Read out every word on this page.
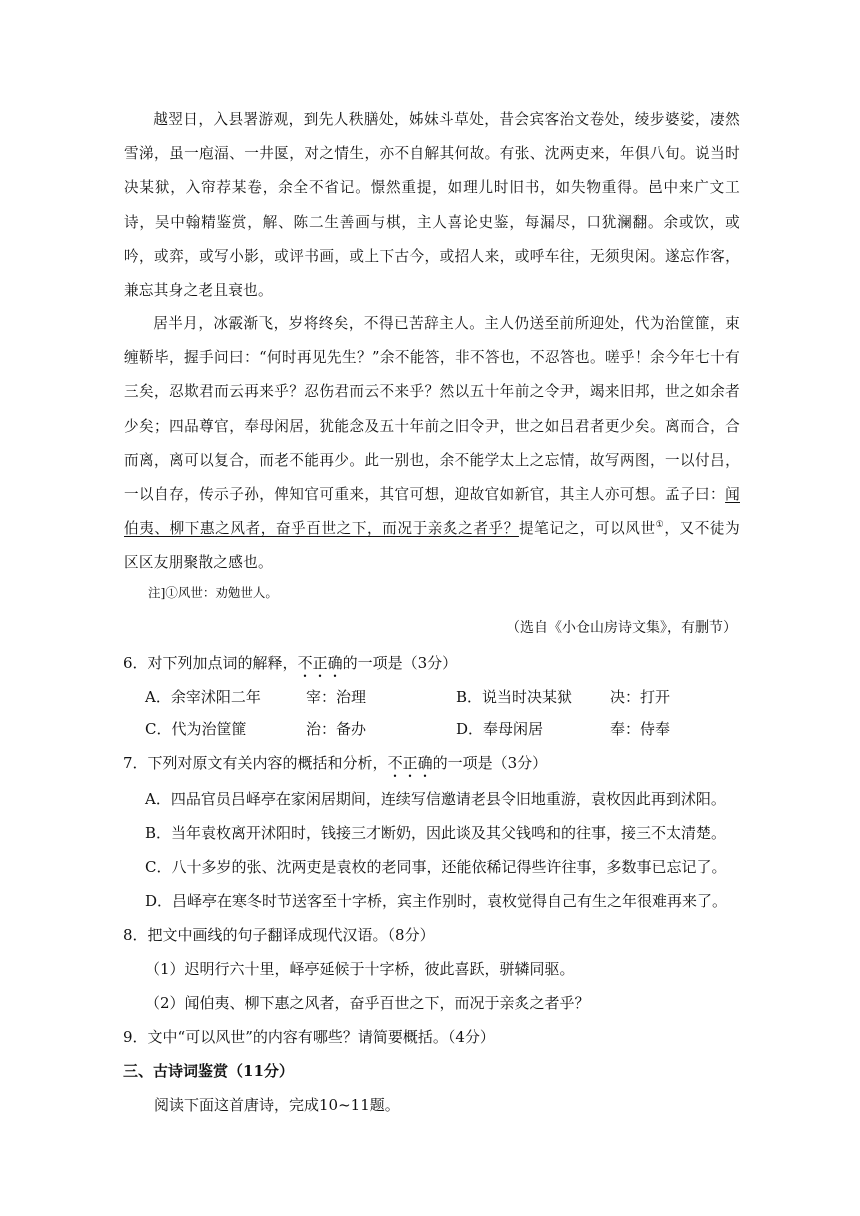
越翌日，入县署游观，到先人秩膳处，姊妹斗草处，昔会宾客治文卷处，绫步婆娑，凄然雪涕，虽一庖湢、一井匽，对之情生，亦不自解其何故。有张、沈两吏来，年俱八旬。说当时决某狱，入帘荐某卷，余全不省记。憬然重提，如理儿时旧书，如失物重得。邑中来广文工诗，吴中翰精鉴赏，解、陈二生善画与棋，主人喜论史鉴，每漏尽，口犹澜翻。余或饮，或吟，或弈，或写小影，或评书画，或上下古今，或招人来，或呼车往，无须臾闲。遂忘作客，兼忘其身之老且衰也。
居半月，冰霰渐飞，岁将终矣，不得已苦辞主人。主人仍送至前所迎处，代为治筐篚，束缠鞒毕，握手问曰：“何时再见先生？”余不能答，非不答也，不忍答也。嗟乎！余今年七十有三矣，忍欺君而云再来乎？忍伤君而云不来乎？然以五十年前之令尹，竭来旧邦，世之如余者少矣；四品尊官，奉母闲居，犹能念及五十年前之旧令尹，世之如吕君者更少矣。离而合，合而离，离可以复合，而老不能再少。此一别也，余不能学太上之忘情，故写两图，一以付吕，一以自存，传示子孙，俾知官可重来，其官可想，迎故官如新官，其主人亦可想。孟子曰：闻伯夷、柳下惠之风者，奋乎百世之下，而况于亲炙之者乎？提笔记之，可以风世①，又不徒为区区友朋聚散之感也。
注]①风世：劝勉世人。
（选自《小仓山房诗文集》，有删节）
6．对下列加点词的解释，不正确的一项是（3分）
A．余宰沭阳二年	宰：治理	B．说当时决某狱	决：打开
C．代为治筐篚	治：备办	D．奉母闲居	奉：侍奉
7．下列对原文有关内容的概括和分析，不正确的一项是（3分）
A．四品官员吕峄亭在家闲居期间，连续写信邀请老县令旧地重游，袁枚因此再到沭阳。
B．当年袁枚离开沭阳时，钱接三才断奶，因此谈及其父钱鸣和的往事，接三不太清楚。
C．八十多岁的张、沈两吏是袁枚的老同事，还能依稀记得些许往事，多数事已忘记了。
D．吕峄亭在寒冬时节送客至十字桥，宾主作别时，袁枚觉得自己有生之年很难再来了。
8．把文中画线的句子翻译成现代汉语。（8分）
（1）迟明行六十里，峄亭延候于十字桥，彼此喜跃，骈辚同驱。
（2）闻伯夷、柳下惠之风者，奋乎百世之下，而况于亲炙之者乎？
9．文中“可以风世”的内容有哪些？请简要概括。（4分）
三、古诗词鉴赏（11分）
阅读下面这首唐诗，完成10~11题。
